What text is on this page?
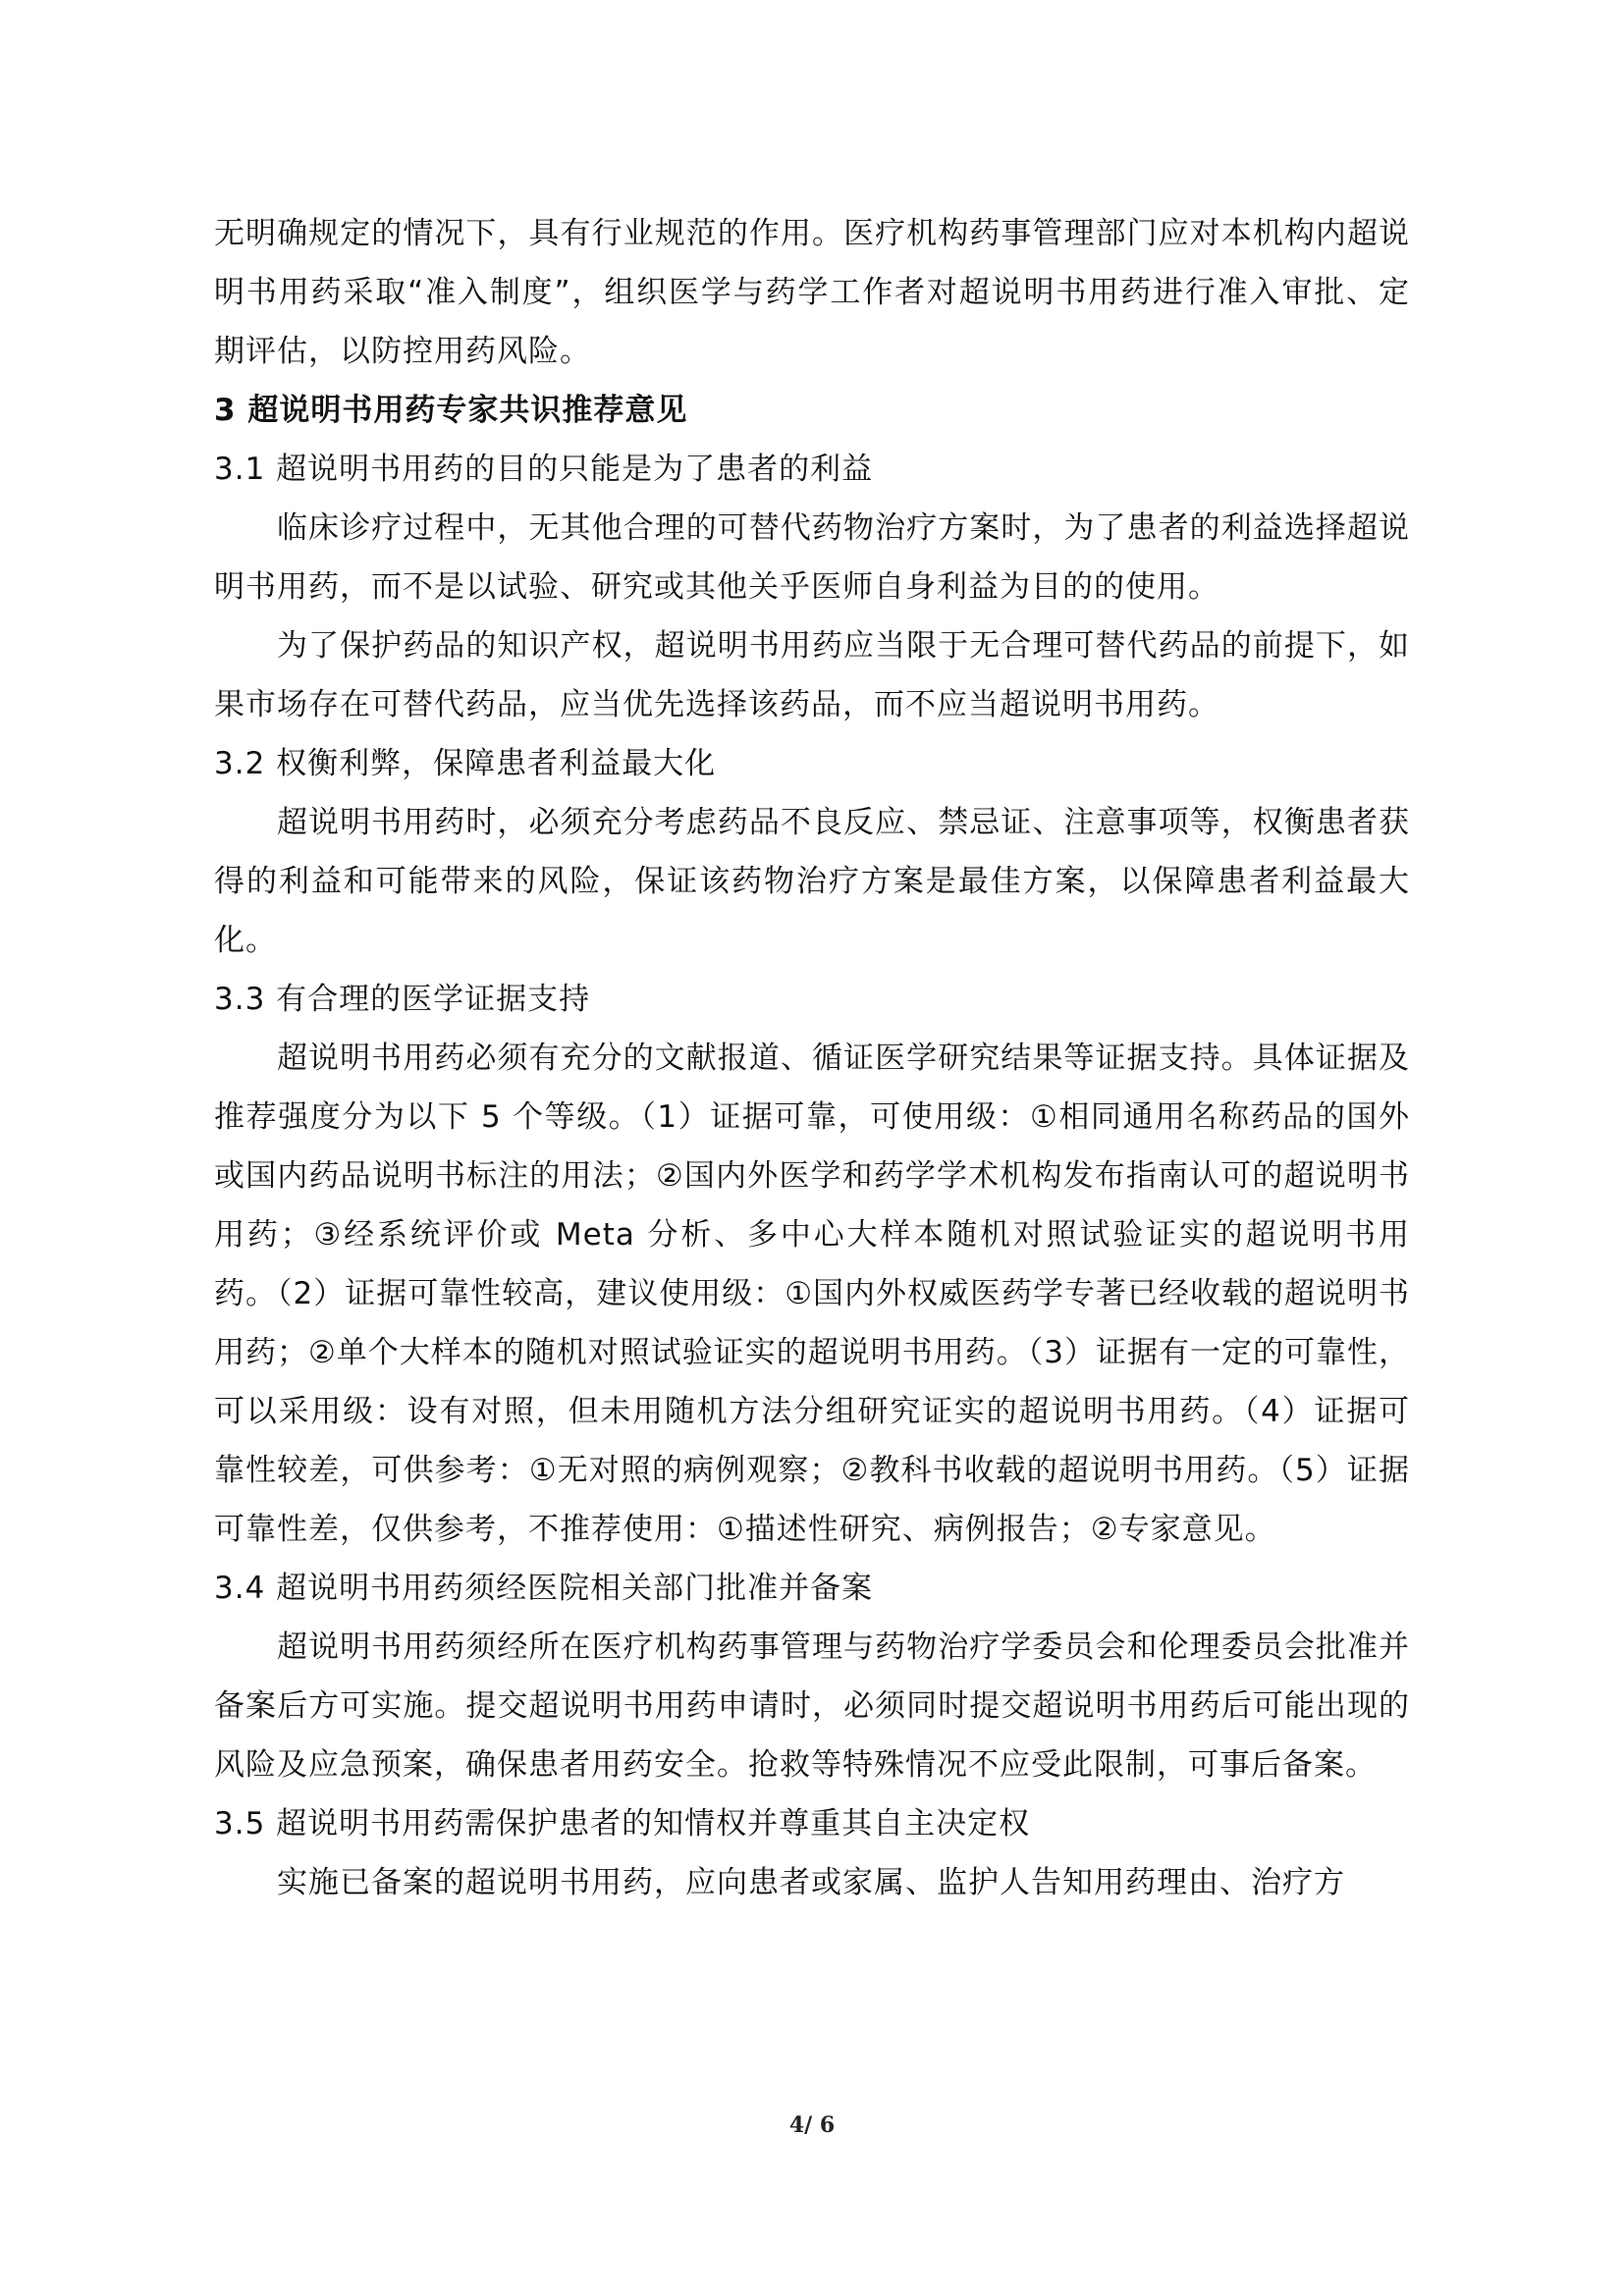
无明确规定的情况下，具有行业规范的作用。医疗机构药事管理部门应对本机构内超说明书用药采取“准入制度”，组织医学与药学工作者对超说明书用药进行准入审批、定期评估，以防控用药风险。

3 超说明书用药专家共识推荐意见

3.1 超说明书用药的目的只能是为了患者的利益

临床诊疗过程中，无其他合理的可替代药物治疗方案时，为了患者的利益选择超说明书用药，而不是以试验、研究或其他关乎医师自身利益为目的的使用。

为了保护药品的知识产权，超说明书用药应当限于无合理可替代药品的前提下，如果市场存在可替代药品，应当优先选择该药品，而不应当超说明书用药。

3.2 权衡利弊，保障患者利益最大化

超说明书用药时，必须充分考虑药品不良反应、禁忌证、注意事项等，权衡患者获得的利益和可能带来的风险，保证该药物治疗方案是最佳方案，以保障患者利益最大化。

3.3 有合理的医学证据支持

超说明书用药必须有充分的文献报道、循证医学研究结果等证据支持。具体证据及推荐强度分为以下 5 个等级。（1）证据可靠，可使用级：①相同通用名称药品的国外或国内药品说明书标注的用法；②国内外医学和药学学术机构发布指南认可的超说明书用药；③经系统评价或 Meta 分析、多中心大样本随机对照试验证实的超说明书用药。（2）证据可靠性较高，建议使用级：①国内外权威医药学专著已经收载的超说明书用药；②单个大样本的随机对照试验证实的超说明书用药。（3）证据有一定的可靠性，可以采用级：设有对照，但未用随机方法分组研究证实的超说明书用药。（4）证据可靠性较差，可供参考：①无对照的病例观察；②教科书收载的超说明书用药。（5）证据可靠性差，仅供参考，不推荐使用：①描述性研究、病例报告；②专家意见。

3.4 超说明书用药须经医院相关部门批准并备案

超说明书用药须经所在医疗机构药事管理与药物治疗学委员会和伦理委员会批准并备案后方可实施。提交超说明书用药申请时，必须同时提交超说明书用药后可能出现的风险及应急预案，确保患者用药安全。抢救等特殊情况不应受此限制，可事后备案。

3.5 超说明书用药需保护患者的知情权并尊重其自主决定权

实施已备案的超说明书用药，应向患者或家属、监护人告知用药理由、治疗方

4/ 6
